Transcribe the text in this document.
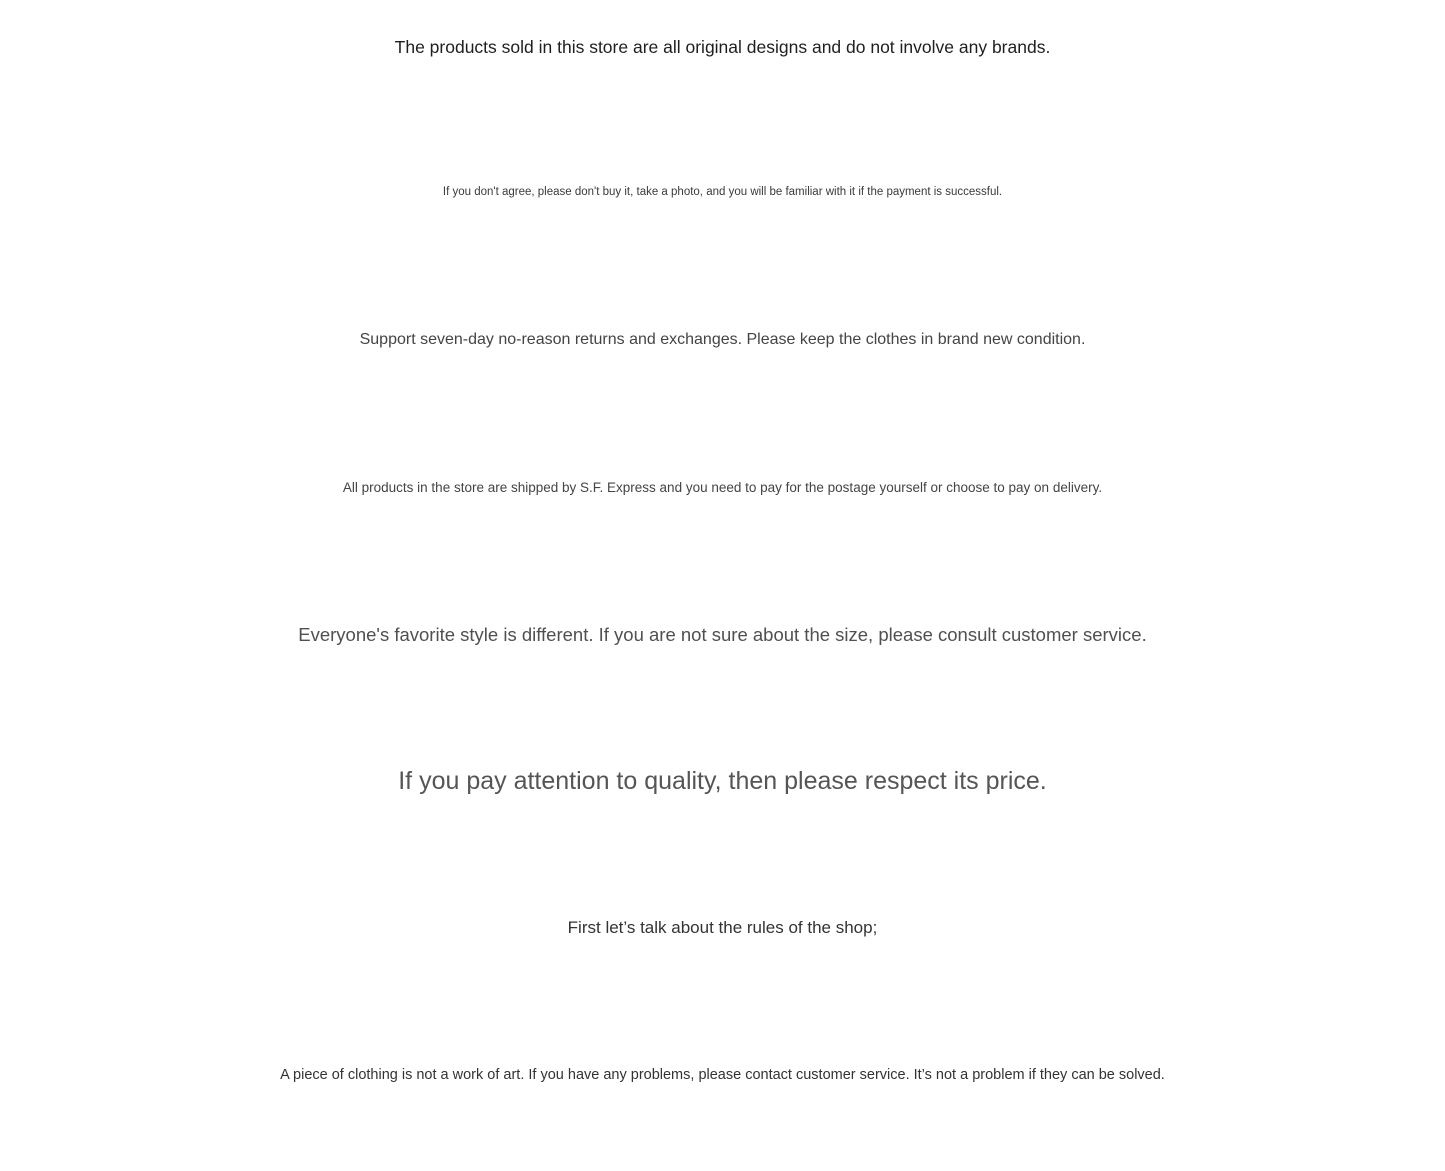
The products sold in this store are all original designs and do not involve any brands.

If you don't agree, please don't buy it, take a photo, and you will be familiar with it if the payment is successful.

Support seven-day no-reason returns and exchanges. Please keep the clothes in brand new condition.

All products in the store are shipped by S.F. Express and you need to pay for the postage yourself or choose to pay on delivery.

Everyone's favorite style is different. If you are not sure about the size, please consult customer service.

If you pay attention to quality, then please respect its price.

First let’s talk about the rules of the shop;

A piece of clothing is not a work of art. If you have any problems, please contact customer service. It’s not a problem if they can be solved.
